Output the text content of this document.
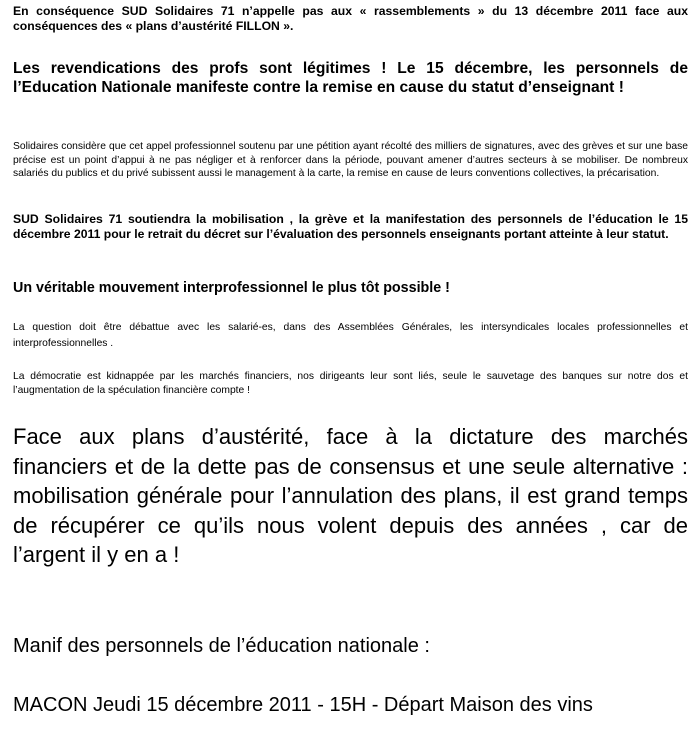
En conséquence SUD Solidaires 71 n’appelle pas aux « rassemblements » du 13 décembre 2011 face aux conséquences des « plans d’austérité FILLON ».

Les revendications des profs sont légitimes ! Le 15 décembre, les personnels de l’Education Nationale manifeste contre la remise en cause du statut d’enseignant !

Solidaires considère que cet appel professionnel soutenu par une pétition ayant récolté des milliers de signatures, avec des grèves et sur une base précise est un point d’appui à ne pas négliger et à renforcer dans la période, pouvant amener d’autres secteurs à se mobiliser. De nombreux salariés du publics et du privé subissent aussi le management à la carte, la remise en cause de leurs conventions collectives, la précarisation.

SUD Solidaires 71 soutiendra la mobilisation , la grève et la manifestation des personnels de l’éducation le 15 décembre 2011 pour le retrait du décret sur l’évaluation des personnels enseignants portant atteinte à leur statut.

Un véritable mouvement interprofessionnel le plus tôt possible !

La question doit être débattue avec les salarié-es, dans des Assemblées Générales, les intersyndicales locales professionnelles et interprofessionnelles .

La démocratie est kidnappée par les marchés financiers, nos dirigeants leur sont liés, seule le sauvetage des banques sur notre dos et l’augmentation de la spéculation financière compte !

Face aux plans d’austérité, face à la dictature des marchés financiers et de la dette pas de consensus et une seule alternative : mobilisation générale pour l’annulation des plans, il est grand temps de récupérer ce qu’ils nous volent depuis des années , car de l’argent il y en a !

Manif des personnels de l’éducation nationale :

MACON Jeudi 15 décembre 2011 - 15H - Départ Maison des vins
